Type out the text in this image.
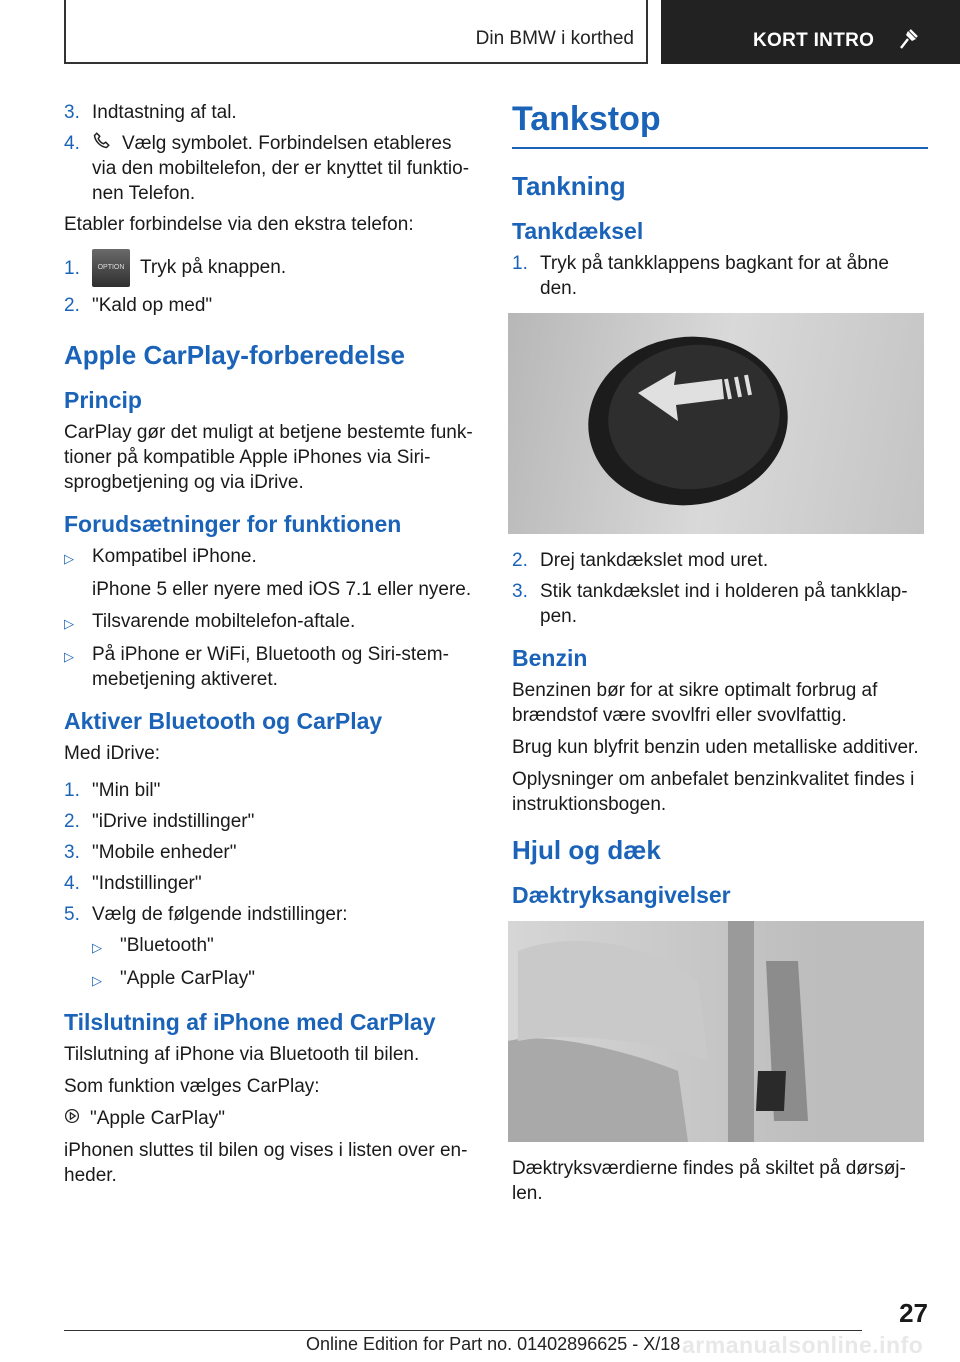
Din BMW i korthed	KORT INTRO
3. Indtastning af tal.
4.	Vælg symbolet. Forbindelsen etableres via den mobiltelefon, der er knyttet til funktionen Telefon.

Etabler forbindelse via den ekstra telefon:

1.	OPTION Tryk på knappen.
2. "Kald op med"
Apple CarPlay-forberedelse
Princip

CarPlay gør det muligt at betjene bestemte funktioner på kompatible Apple iPhones via Siri-sprogbetjening og via iDrive.

Forudsætninger for funktionen
▷ Kompatibel iPhone.

iPhone 5 eller nyere med iOS 7.1 eller nyere.

▷ Tilsvarende mobiltelefon-aftale.
▷ På iPhone er WiFi, Bluetooth og Siri-stemmebetjening aktiveret.
Aktiver Bluetooth og CarPlay

Med iDrive:

1. "Min bil"
2. "iDrive indstillinger"
3. "Mobile enheder"
4. "Indstillinger"
5. Vælg de følgende indstillinger:
▷ "Bluetooth"
▷ "Apple CarPlay"
Tilslutning af iPhone med CarPlay

Tilslutning af iPhone via Bluetooth til bilen.

Som funktion vælges CarPlay:

"Apple CarPlay"

iPhonen sluttes til bilen og vises i listen over enheder.

Tankstop
Tankning
Tankdæksel
1. Tryk på tankklappens bagkant for at åbne den.
2. Drej tankdækslet mod uret.
3. Stik tankdækslet ind i holderen på tankklappen.
Benzin

Benzinen bør for at sikre optimalt forbrug af brændstof være svovlfri eller svovlfattig.

Brug kun blyfrit benzin uden metalliske additiver.

Oplysninger om anbefalet benzinkvalitet findes i instruktionsbogen.

Hjul og dæk
Dæktryksangivelser

Dæktryksværdierne findes på skiltet på dørsøjlen.

27
Online Edition for Part no. 01402896625 - X/18 armanualsonline.info
